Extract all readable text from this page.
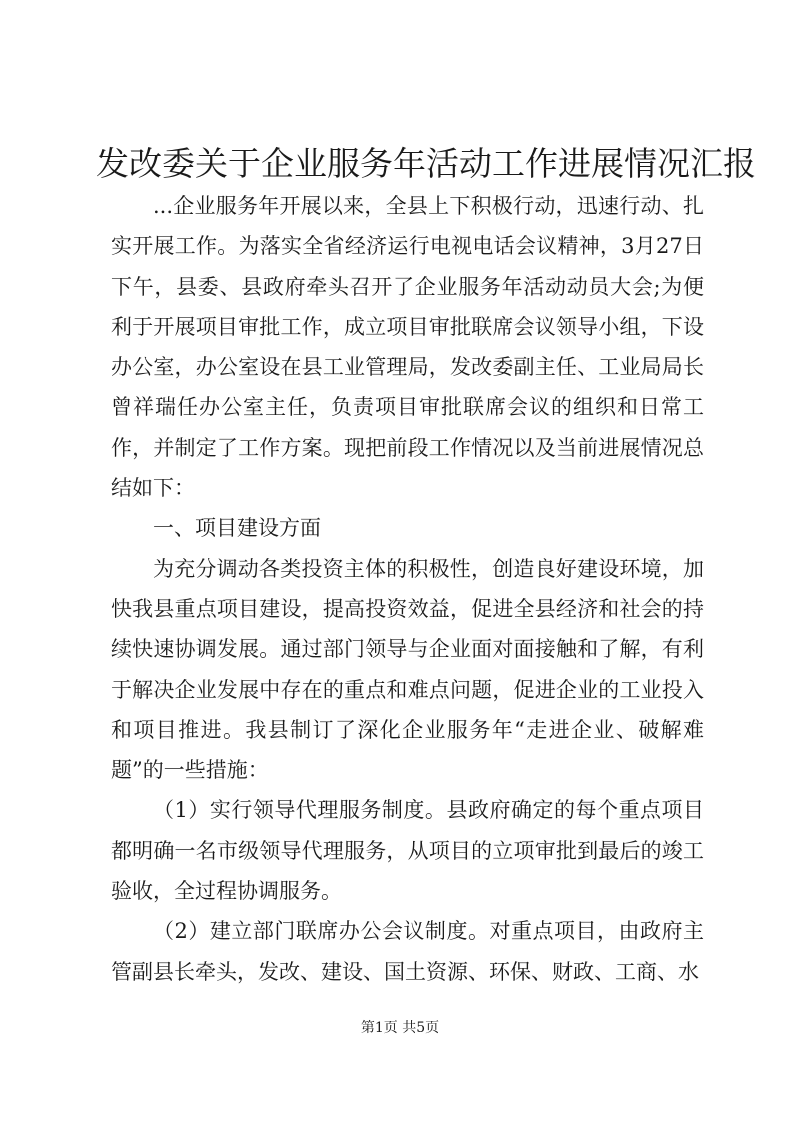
发改委关于企业服务年活动工作进展情况汇报

...企业服务年开展以来，全县上下积极行动，迅速行动、扎实开展工作。为落实全省经济运行电视电话会议精神，3月27日下午，县委、县政府牵头召开了企业服务年活动动员大会;为便利于开展项目审批工作，成立项目审批联席会议领导小组，下设办公室，办公室设在县工业管理局，发改委副主任、工业局局长曾祥瑞任办公室主任，负责项目审批联席会议的组织和日常工作，并制定了工作方案。现把前段工作情况以及当前进展情况总结如下：

一、项目建设方面

为充分调动各类投资主体的积极性，创造良好建设环境，加快我县重点项目建设，提高投资效益，促进全县经济和社会的持续快速协调发展。通过部门领导与企业面对面接触和了解，有利于解决企业发展中存在的重点和难点问题，促进企业的工业投入和项目推进。我县制订了深化企业服务年“走进企业、破解难题”的一些措施：

（1）实行领导代理服务制度。县政府确定的每个重点项目都明确一名市级领导代理服务，从项目的立项审批到最后的竣工验收，全过程协调服务。

（2）建立部门联席办公会议制度。对重点项目，由政府主管副县长牵头，发改、建设、国土资源、环保、财政、工商、水

第1页 共5页
